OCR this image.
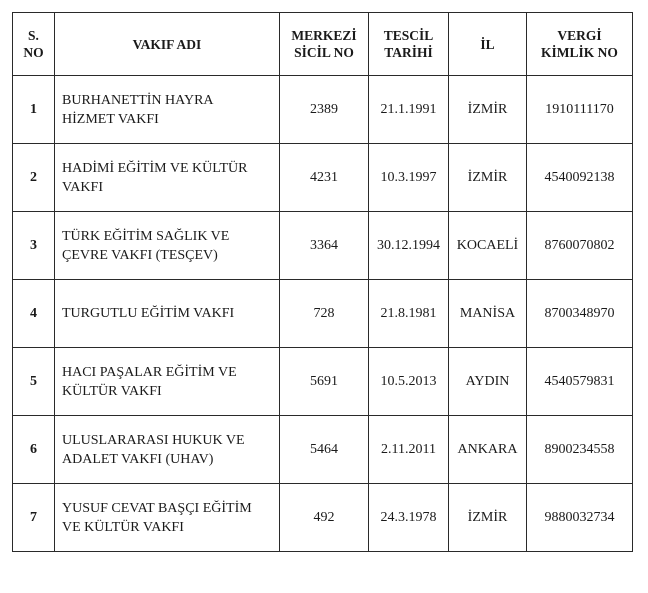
S.
NO	VAKIF ADI	MERKEZİ
SİCİL NO	TESCİL
TARİHİ	İL	VERGİ
KİMLİK NO

1	BURHANETTİN HAYRA
HİZMET VAKFI	2389	21.1.1991	İZMİR	1910111170
2	HADİMİ EĞİTİM VE KÜLTÜR
VAKFI	4231	10.3.1997	İZMİR	4540092138
3	TÜRK EĞİTİM SAĞLIK VE
ÇEVRE VAKFI (TESÇEV)	3364	30.12.1994	KOCAELİ	8760070802
4	TURGUTLU EĞİTİM VAKFI	728	21.8.1981	MANİSA	8700348970
5	HACI PAŞALAR EĞİTİM VE
KÜLTÜR VAKFI	5691	10.5.2013	AYDIN	4540579831
6	ULUSLARARASI HUKUK VE
ADALET VAKFI (UHAV)	5464	2.11.2011	ANKARA	8900234558
7	YUSUF CEVAT BAŞÇI EĞİTİM
VE KÜLTÜR VAKFI	492	24.3.1978	İZMİR	9880032734
